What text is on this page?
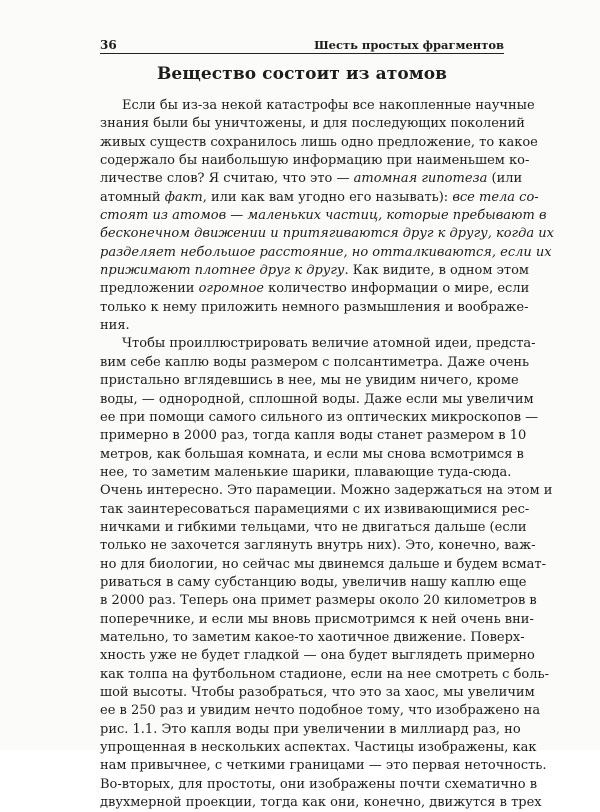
36	Шесть простых фрагментов
Вещество состоит из атомов
Если бы из-за некой катастрофы все накопленные научные
знания были бы уничтожены, и для последующих поколений
живых существ сохранилось лишь одно предложение, то какое
содержало бы наибольшую информацию при наименьшем ко-
личестве слов? Я считаю, что это — атомная гипотеза (или
атомный факт, или как вам угодно его называть): все тела со-
стоят из атомов — маленьких частиц, которые пребывают в
бесконечном движении и притягиваются друг к другу, когда их
разделяет небольшое расстояние, но отталкиваются, если их
прижимают плотнее друг к другу. Как видите, в одном этом
предложении огромное количество информации о мире, если
только к нему приложить немного размышления и воображе-
ния.
Чтобы проиллюстрировать величие атомной идеи, предста-
вим себе каплю воды размером с полсантиметра. Даже очень
пристально вглядевшись в нее, мы не увидим ничего, кроме
воды, — однородной, сплошной воды. Даже если мы увеличим
ее при помощи самого сильного из оптических микроскопов —
примерно в 2000 раз, тогда капля воды станет размером в 10
метров, как большая комната, и если мы снова всмотримся в
нее, то заметим маленькие шарики, плавающие туда-сюда.
Очень интересно. Это парамеции. Можно задержаться на этом и
так заинтересоваться парамециями с их извивающимися рес-
ничками и гибкими тельцами, что не двигаться дальше (если
только не захочется заглянуть внутрь них). Это, конечно, важ-
но для биологии, но сейчас мы двинемся дальше и будем всмат-
риваться в саму субстанцию воды, увеличив нашу каплю еще
в 2000 раз. Теперь она примет размеры около 20 километров в
поперечнике, и если мы вновь присмотримся к ней очень вни-
мательно, то заметим какое-то хаотичное движение. Поверх-
хность уже не будет гладкой — она будет выглядеть примерно
как толпа на футбольном стадионе, если на нее смотреть с боль-
шой высоты. Чтобы разобраться, что это за хаос, мы увеличим
ее в 250 раз и увидим нечто подобное тому, что изображено на
рис. 1.1. Это капля воды при увеличении в миллиард раз, но
упрощенная в нескольких аспектах. Частицы изображены, как
нам привычнее, с четкими границами — это первая неточность.
Во-вторых, для простоты, они изображены почти схематично в
двухмерной проекции, тогда как они, конечно, движутся в трех
